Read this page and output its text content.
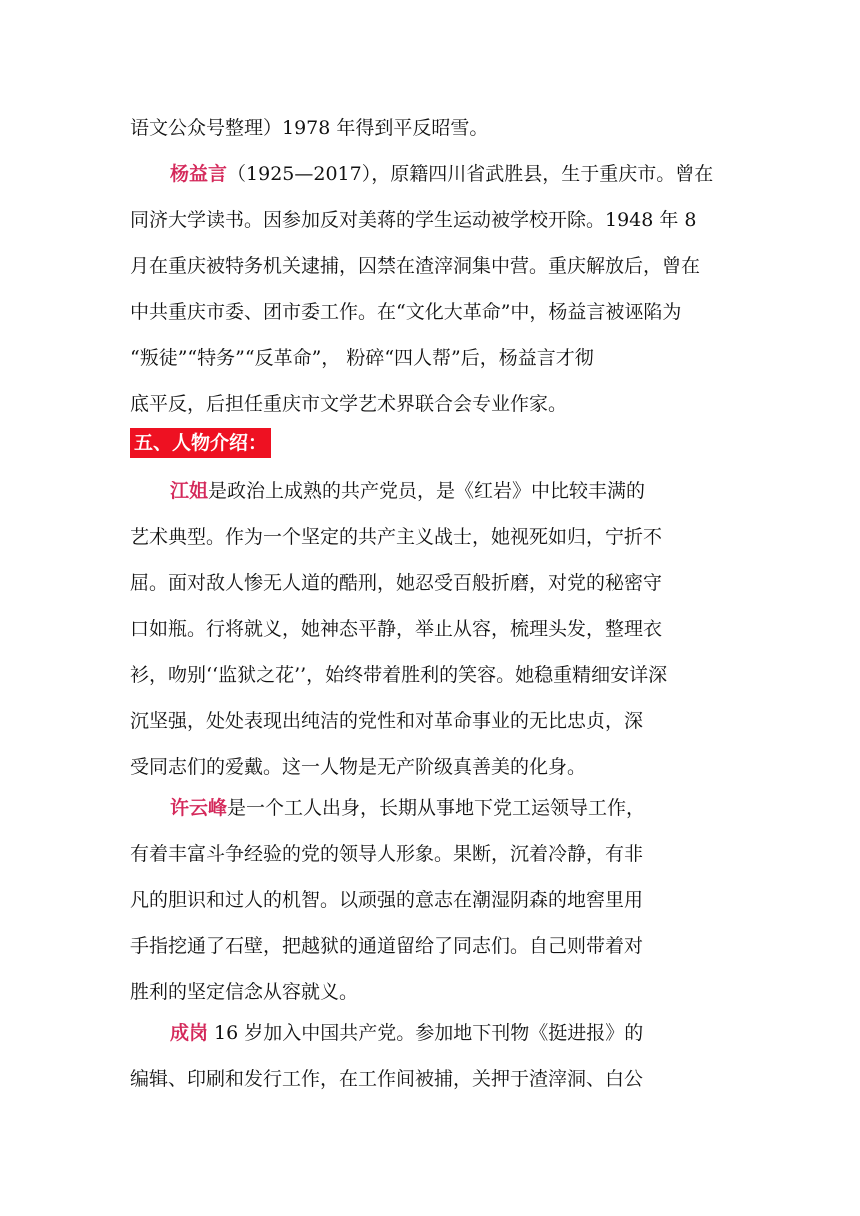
语文公众号整理）1978 年得到平反昭雪。
杨益言（1925—2017），原籍四川省武胜县，生于重庆市。曾在
同济大学读书。因参加反对美蒋的学生运动被学校开除。1948 年 8
月在重庆被特务机关逮捕，囚禁在渣滓洞集中营。重庆解放后，曾在
中共重庆市委、团市委工作。在“文化大革命”中，杨益言被诬陷为
“叛徒”“特务”“反革命”， 粉碎“四人帮”后，杨益言才彻
底平反，后担任重庆市文学艺术界联合会专业作家。
五、人物介绍：
江姐是政治上成熟的共产党员，是《红岩》中比较丰满的
艺术典型。作为一个坚定的共产主义战士，她视死如归，宁折不
屈。面对敌人惨无人道的酷刑，她忍受百般折磨，对党的秘密守
口如瓶。行将就义，她神态平静，举止从容，梳理头发，整理衣
衫，吻别‘‘监狱之花’’，始终带着胜利的笑容。她稳重精细安详深
沉坚强，处处表现出纯洁的党性和对革命事业的无比忠贞，深
受同志们的爱戴。这一人物是无产阶级真善美的化身。
许云峰是一个工人出身，长期从事地下党工运领导工作，
有着丰富斗争经验的党的领导人形象。果断，沉着冷静，有非
凡的胆识和过人的机智。以顽强的意志在潮湿阴森的地窖里用
手指挖通了石壁，把越狱的通道留给了同志们。自己则带着对
胜利的坚定信念从容就义。
成岗 16 岁加入中国共产党。参加地下刊物《挺进报》的
编辑、印刷和发行工作，在工作间被捕，关押于渣滓洞、白公
